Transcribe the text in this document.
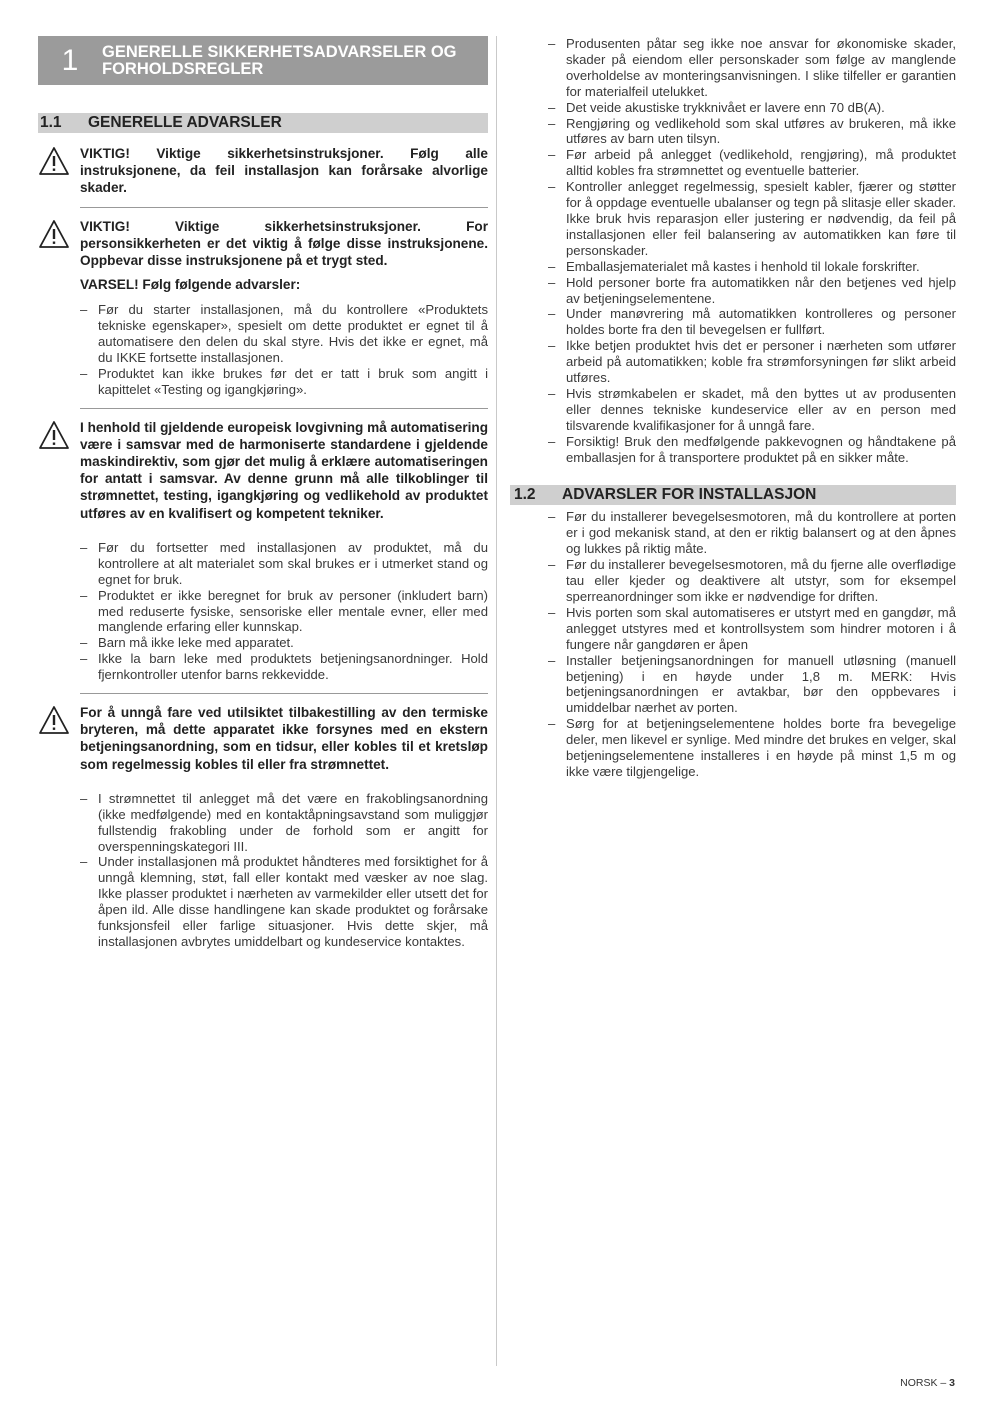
1	GENERELLE SIKKERHETSADVARSELER OG
FORHOLDSREGLER
1.1	GENERELLE ADVARSLER
VIKTIG! Viktige sikkerhetsinstruksjoner. Følg alle instruksjonene, da feil installasjon kan forårsake alvorlige skader.
VIKTIG! Viktige sikkerhetsinstruksjoner. For personsikkerheten er det viktig å følge disse instruksjonene. Oppbevar disse instruksjonene på et trygt sted.
VARSEL! Følg følgende advarsler:
– Før du starter installasjonen, må du kontrollere «Produktets tekniske egenskaper», spesielt om dette produktet er egnet til å automatisere den delen du skal styre. Hvis det ikke er egnet, må du IKKE fortsette installasjonen.
– Produktet kan ikke brukes før det er tatt i bruk som angitt i kapittelet «Testing og igangkjøring».
I henhold til gjeldende europeisk lovgivning må automatisering være i samsvar med de harmoniserte standardene i gjeldende maskindirektiv, som gjør det mulig å erklære automatiseringen for antatt i samsvar. Av denne grunn må alle tilkoblinger til strømnettet, testing, igangkjøring og vedlikehold av produktet utføres av en kvalifisert og kompetent tekniker.
– Før du fortsetter med installasjonen av produktet, må du kontrollere at alt materialet som skal brukes er i utmerket stand og egnet for bruk.
– Produktet er ikke beregnet for bruk av personer (inkludert barn) med reduserte fysiske, sensoriske eller mentale evner, eller med manglende erfaring eller kunnskap.
– Barn må ikke leke med apparatet.
– Ikke la barn leke med produktets betjeningsanordninger. Hold fjernkontroller utenfor barns rekkevidde.
For å unngå fare ved utilsiktet tilbakestilling av den termiske bryteren, må dette apparatet ikke forsynes med en ekstern betjeningsanordning, som en tidsur, eller kobles til et kretsløp som regelmessig kobles til eller fra strømnettet.
– I strømnettet til anlegget må det være en frakoblingsanordning (ikke medfølgende) med en kontaktåpningsavstand som muliggjør fullstendig frakobling under de forhold som er angitt for overspenningskategori III.
– Under installasjonen må produktet håndteres med forsiktighet for å unngå klemning, støt, fall eller kontakt med væsker av noe slag. Ikke plasser produktet i nærheten av varmekilder eller utsett det for åpen ild. Alle disse handlingene kan skade produktet og forårsake funksjonsfeil eller farlige situasjoner. Hvis dette skjer, må installasjonen avbrytes umiddelbart og kundeservice kontaktes.
– Produsenten påtar seg ikke noe ansvar for økonomiske skader, skader på eiendom eller personskader som følge av manglende overholdelse av monteringsanvisningen. I slike tilfeller er garantien for materialfeil utelukket.
– Det veide akustiske trykknivået er lavere enn 70 dB(A).
– Rengjøring og vedlikehold som skal utføres av brukeren, må ikke utføres av barn uten tilsyn.
– Før arbeid på anlegget (vedlikehold, rengjøring), må produktet alltid kobles fra strømnettet og eventuelle batterier.
– Kontroller anlegget regelmessig, spesielt kabler, fjærer og støtter for å oppdage eventuelle ubalanser og tegn på slitasje eller skader. Ikke bruk hvis reparasjon eller justering er nødvendig, da feil på installasjonen eller feil balansering av automatikken kan føre til personskader.
– Emballasjematerialet må kastes i henhold til lokale forskrifter.
– Hold personer borte fra automatikken når den betjenes ved hjelp av betjeningselementene.
– Under manøvrering må automatikken kontrolleres og personer holdes borte fra den til bevegelsen er fullført.
– Ikke betjen produktet hvis det er personer i nærheten som utfører arbeid på automatikken; koble fra strømforsyningen før slikt arbeid utføres.
– Hvis strømkabelen er skadet, må den byttes ut av produsenten eller dennes tekniske kundeservice eller av en person med tilsvarende kvalifikasjoner for å unngå fare.
– Forsiktig! Bruk den medfølgende pakkevognen og håndtakene på emballasjen for å transportere produktet på en sikker måte.
1.2	ADVARSLER FOR INSTALLASJON
– Før du installerer bevegelsesmotoren, må du kontrollere at porten er i god mekanisk stand, at den er riktig balansert og at den åpnes og lukkes på riktig måte.
– Før du installerer bevegelsesmotoren, må du fjerne alle overflødige tau eller kjeder og deaktivere alt utstyr, som for eksempel sperreanordninger som ikke er nødvendige for driften.
– Hvis porten som skal automatiseres er utstyrt med en gangdør, må anlegget utstyres med et kontrollsystem som hindrer motoren i å fungere når gangdøren er åpen
– Installer betjeningsanordningen for manuell utløsning (manuell betjening) i en høyde under 1,8 m. MERK: Hvis betjeningsanordningen er avtakbar, bør den oppbevares i umiddelbar nærhet av porten.
– Sørg for at betjeningselementene holdes borte fra bevegelige deler, men likevel er synlige. Med mindre det brukes en velger, skal betjeningselementene installeres i en høyde på minst 1,5 m og ikke være tilgjengelige.
NORSK – 3
